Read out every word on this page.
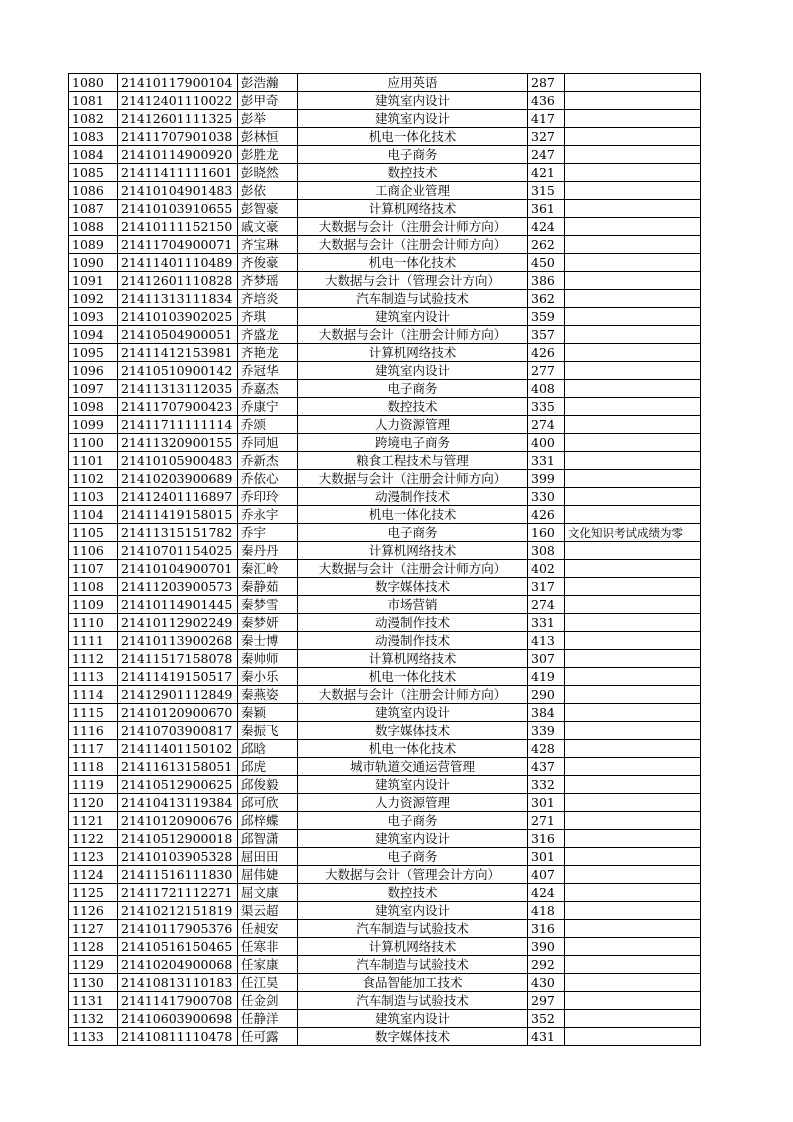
1080	21410117900104	彭浩瀚	应用英语	287	
1081	21412401110022	彭甲奇	建筑室内设计	436	
1082	21412601111325	彭举	建筑室内设计	417	
1083	21411707901038	彭林恒	机电一体化技术	327	
1084	21410114900920	彭胜龙	电子商务	247	
1085	21411411111601	彭晓然	数控技术	421	
1086	21410104901483	彭依	工商企业管理	315	
1087	21410103910655	彭智豪	计算机网络技术	361	
1088	21410111152150	戚文豪	大数据与会计（注册会计师方向）	424	
1089	21411704900071	齐宝琳	大数据与会计（注册会计师方向）	262	
1090	21411401110489	齐俊豪	机电一体化技术	450	
1091	21412601110828	齐梦瑶	大数据与会计（管理会计方向）	386	
1092	21411313111834	齐培炎	汽车制造与试验技术	362	
1093	21410103902025	齐琪	建筑室内设计	359	
1094	21410504900051	齐盛龙	大数据与会计（注册会计师方向）	357	
1095	21411412153981	齐艳龙	计算机网络技术	426	
1096	21410510900142	乔冠华	建筑室内设计	277	
1097	21411313112035	乔嘉杰	电子商务	408	
1098	21411707900423	乔康宁	数控技术	335	
1099	21411711111114	乔颂	人力资源管理	274	
1100	21411320900155	乔同旭	跨境电子商务	400	
1101	21410105900483	乔新杰	粮食工程技术与管理	331	
1102	21410203900689	乔依心	大数据与会计（注册会计师方向）	399	
1103	21412401116897	乔印玲	动漫制作技术	330	
1104	21411419158015	乔永宇	机电一体化技术	426	
1105	21411315151782	乔宇	电子商务	160	文化知识考试成绩为零
1106	21410701154025	秦丹丹	计算机网络技术	308	
1107	21410104900701	秦汇岭	大数据与会计（注册会计师方向）	402	
1108	21411203900573	秦静茹	数字媒体技术	317	
1109	21410114901445	秦梦雪	市场营销	274	
1110	21410112902249	秦梦妍	动漫制作技术	331	
1111	21410113900268	秦士博	动漫制作技术	413	
1112	21411517158078	秦帅师	计算机网络技术	307	
1113	21411419150517	秦小乐	机电一体化技术	419	
1114	21412901112849	秦燕姿	大数据与会计（注册会计师方向）	290	
1115	21410120900670	秦颖	建筑室内设计	384	
1116	21410703900817	秦振飞	数字媒体技术	339	
1117	21411401150102	邱晗	机电一体化技术	428	
1118	21411613158051	邱虎	城市轨道交通运营管理	437	
1119	21410512900625	邱俊毅	建筑室内设计	332	
1120	21410413119384	邱可欣	人力资源管理	301	
1121	21410120900676	邱梓蝶	电子商务	271	
1122	21410512900018	邱智潇	建筑室内设计	316	
1123	21410103905328	屈田田	电子商务	301	
1124	21411516111830	屈伟婕	大数据与会计（管理会计方向）	407	
1125	21411721112271	屈文康	数控技术	424	
1126	21410212151819	渠云超	建筑室内设计	418	
1127	21410117905376	任昶安	汽车制造与试验技术	316	
1128	21410516150465	任寒非	计算机网络技术	390	
1129	21410204900068	任家康	汽车制造与试验技术	292	
1130	21410813110183	任江昊	食品智能加工技术	430	
1131	21411417900708	任金剑	汽车制造与试验技术	297	
1132	21410603900698	任静洋	建筑室内设计	352	
1133	21410811110478	任可露	数字媒体技术	431	
